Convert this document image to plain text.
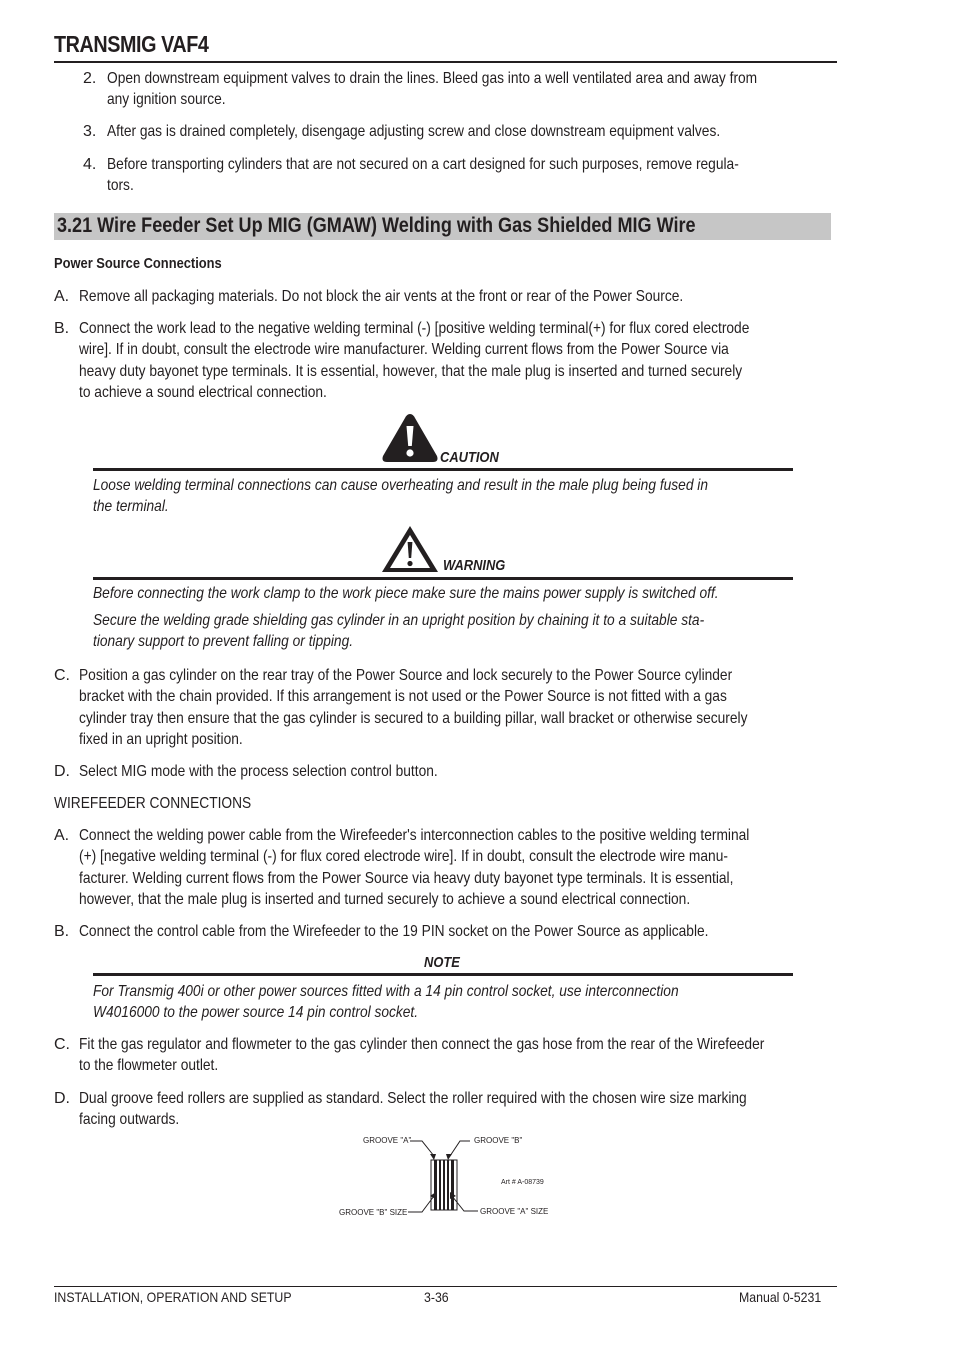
TRANSMIG VAF4
2. Open downstream equipment valves to drain the lines. Bleed gas into a well ventilated area and away from
any ignition source.
3. After gas is drained completely, disengage adjusting screw and close downstream equipment valves.
4. Before transporting cylinders that are not secured on a cart designed for such purposes, remove regula-
tors.
3.21 Wire Feeder Set Up MIG (GMAW) Welding with Gas Shielded MIG Wire
Power Source Connections
A. Remove all packaging materials. Do not block the air vents at the front or rear of the Power Source.
B. Connect the work lead to the negative welding terminal (-) [positive welding terminal(+) for flux cored electrode
wire]. If in doubt, consult the electrode wire manufacturer. Welding current flows from the Power Source via
heavy duty bayonet type terminals. It is essential, however, that the male plug is inserted and turned securely
to achieve a sound electrical connection.
CAUTION
Loose welding terminal connections can cause overheating and result in the male plug being fused in
the terminal.
WARNING
Before connecting the work clamp to the work piece make sure the mains power supply is switched off.
Secure the welding grade shielding gas cylinder in an upright position by chaining it to a suitable sta-
tionary support to prevent falling or tipping.
C. Position a gas cylinder on the rear tray of the Power Source and lock securely to the Power Source cylinder
bracket with the chain provided. If this arrangement is not used or the Power Source is not fitted with a gas
cylinder tray then ensure that the gas cylinder is secured to a building pillar, wall bracket or otherwise securely
fixed in an upright position.
D. Select MIG mode with the process selection control button.
WIREFEEDER CONNECTIONS
A. Connect the welding power cable from the Wirefeeder's interconnection cables to the positive welding terminal
(+) [negative welding terminal (-) for flux cored electrode wire]. If in doubt, consult the electrode wire manu-
facturer. Welding current flows from the Power Source via heavy duty bayonet type terminals. It is essential,
however, that the male plug is inserted and turned securely to achieve a sound electrical connection.
B. Connect the control cable from the Wirefeeder to the 19 PIN socket on the Power Source as applicable.
NOTE
For Transmig 400i or other power sources fitted with a 14 pin control socket, use interconnection
W4016000 to the power source 14 pin control socket.
C. Fit the gas regulator and flowmeter to the gas cylinder then connect the gas hose from the rear of the Wirefeeder
to the flowmeter outlet.
D. Dual groove feed rollers are supplied as standard. Select the roller required with the chosen wire size marking
facing outwards.
GROOVE "A"	GROOVE "B"
Art # A-08739
GROOVE "B" SIZE	GROOVE "A" SIZE
INSTALLATION, OPERATION AND SETUP	3-36	Manual 0-5231
